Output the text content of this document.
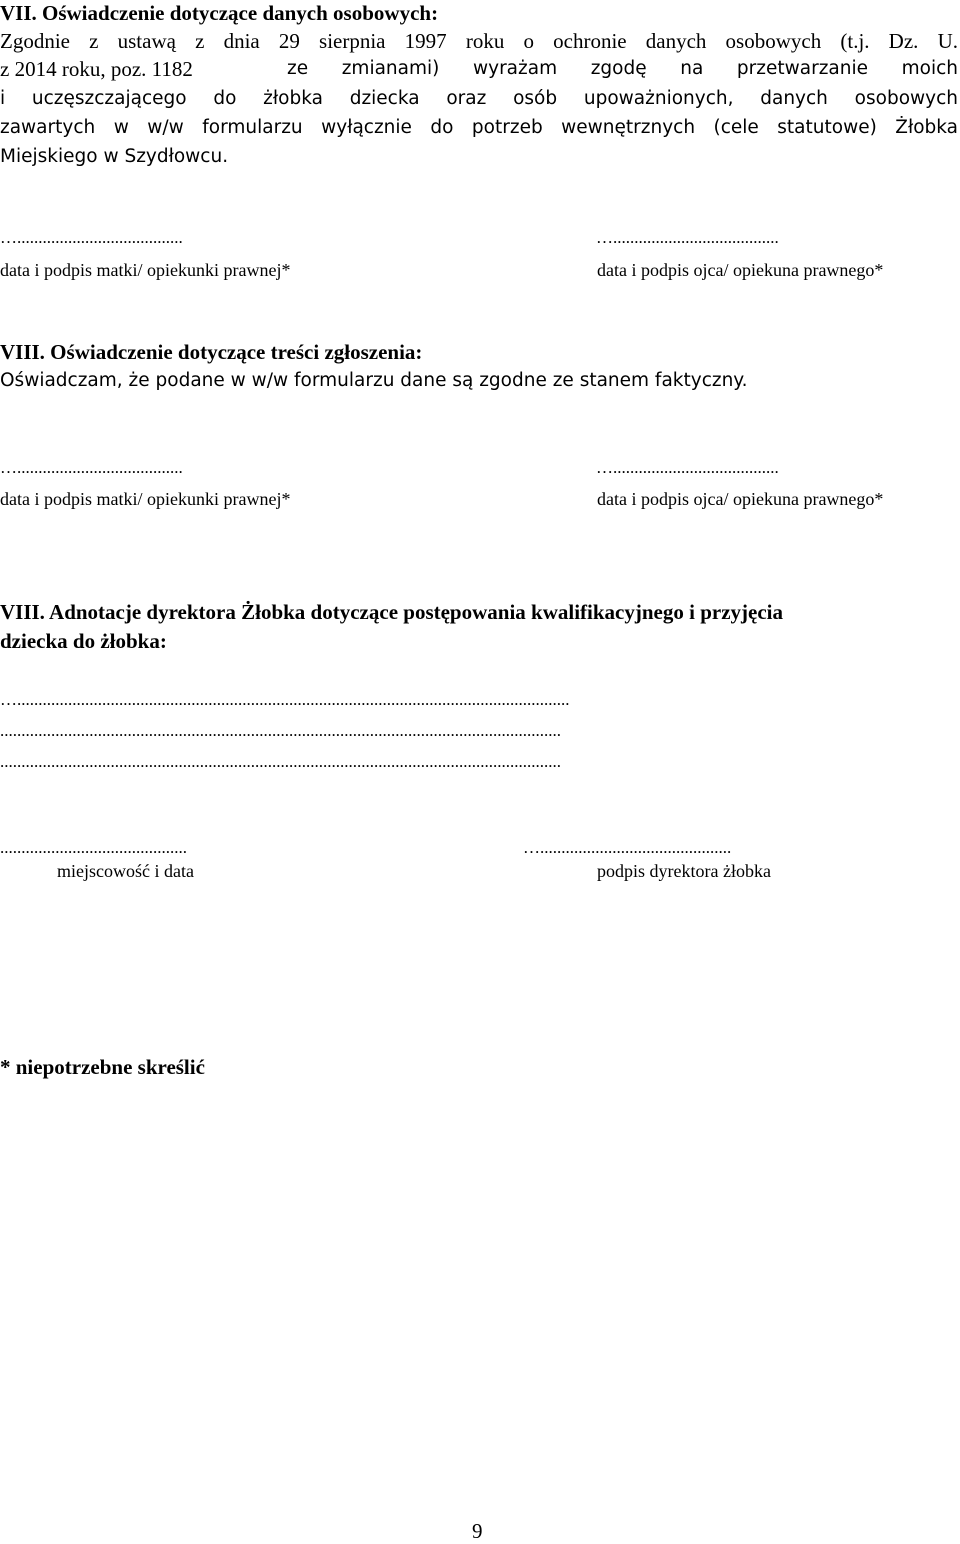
VII. Oświadczenie dotyczące danych osobowych:
Zgodnie z ustawą z dnia 29 sierpnia 1997 roku o ochronie danych osobowych (t.j. Dz. U.
z 2014 roku, poz. 1182	ze zmianami) wyrażam zgodę na przetwarzanie moich
i uczęszczającego do żłobka dziecka oraz osób upoważnionych, danych osobowych
zawartych w w/w formularzu wyłącznie do potrzeb wewnętrznych (cele statutowe) Żłobka
Miejskiego w Szydłowcu.
….......................................
data i podpis matki/ opiekunki prawnej*
….......................................
data i podpis ojca/ opiekuna prawnego*
VIII. Oświadczenie dotyczące treści zgłoszenia:
Oświadczam, że podane w w/w formularzu dane są zgodne ze stanem faktyczny.
….......................................
data i podpis matki/ opiekunki prawnej*
….......................................
data i podpis ojca/ opiekuna prawnego*
VIII. Adnotacje dyrektora Żłobka dotyczące postępowania kwalifikacyjnego i przyjęcia
dziecka do żłobka:
…..................................................................................................................................
....................................................................................................................................
....................................................................................................................................
............................................
miejscowość i data
….............................................
podpis dyrektora żłobka
* niepotrzebne skreślić
9
